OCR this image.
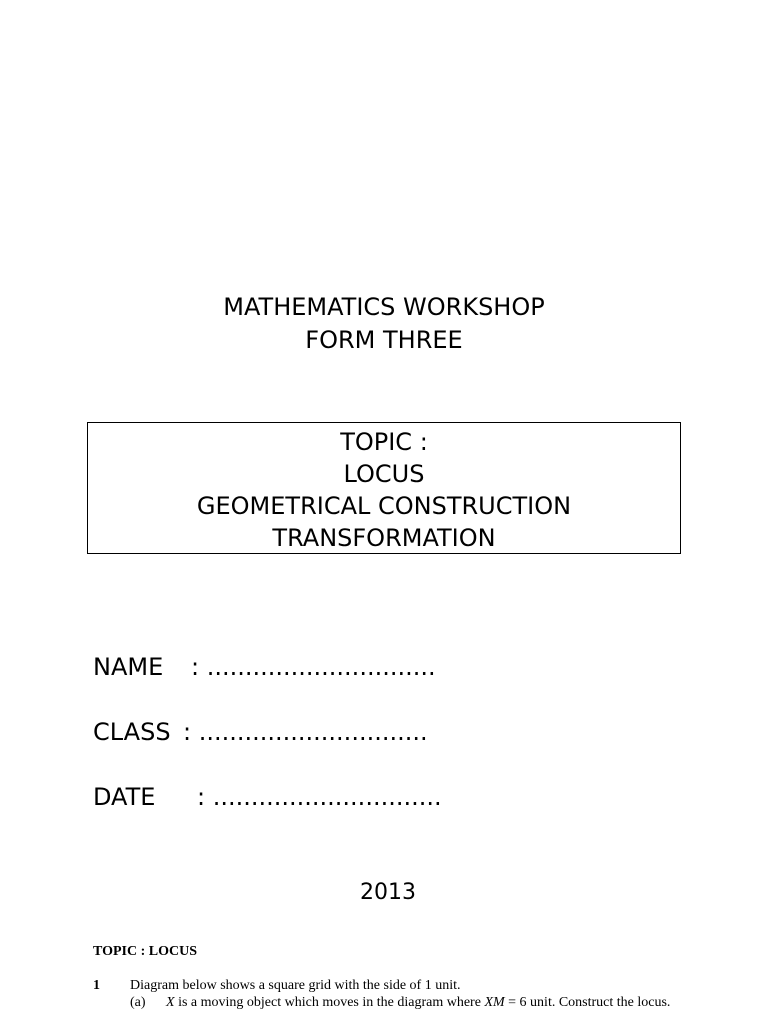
MATHEMATICS WORKSHOP
FORM THREE
TOPIC :
LOCUS
GEOMETRICAL CONSTRUCTION
TRANSFORMATION
NAME : ..............................
CLASS : ..............................
DATE : ..............................
2013
TOPIC : LOCUS
1 Diagram below shows a square grid with the side of 1 unit.
(a) X is a moving object which moves in the diagram where XM = 6 unit. Construct the locus.
